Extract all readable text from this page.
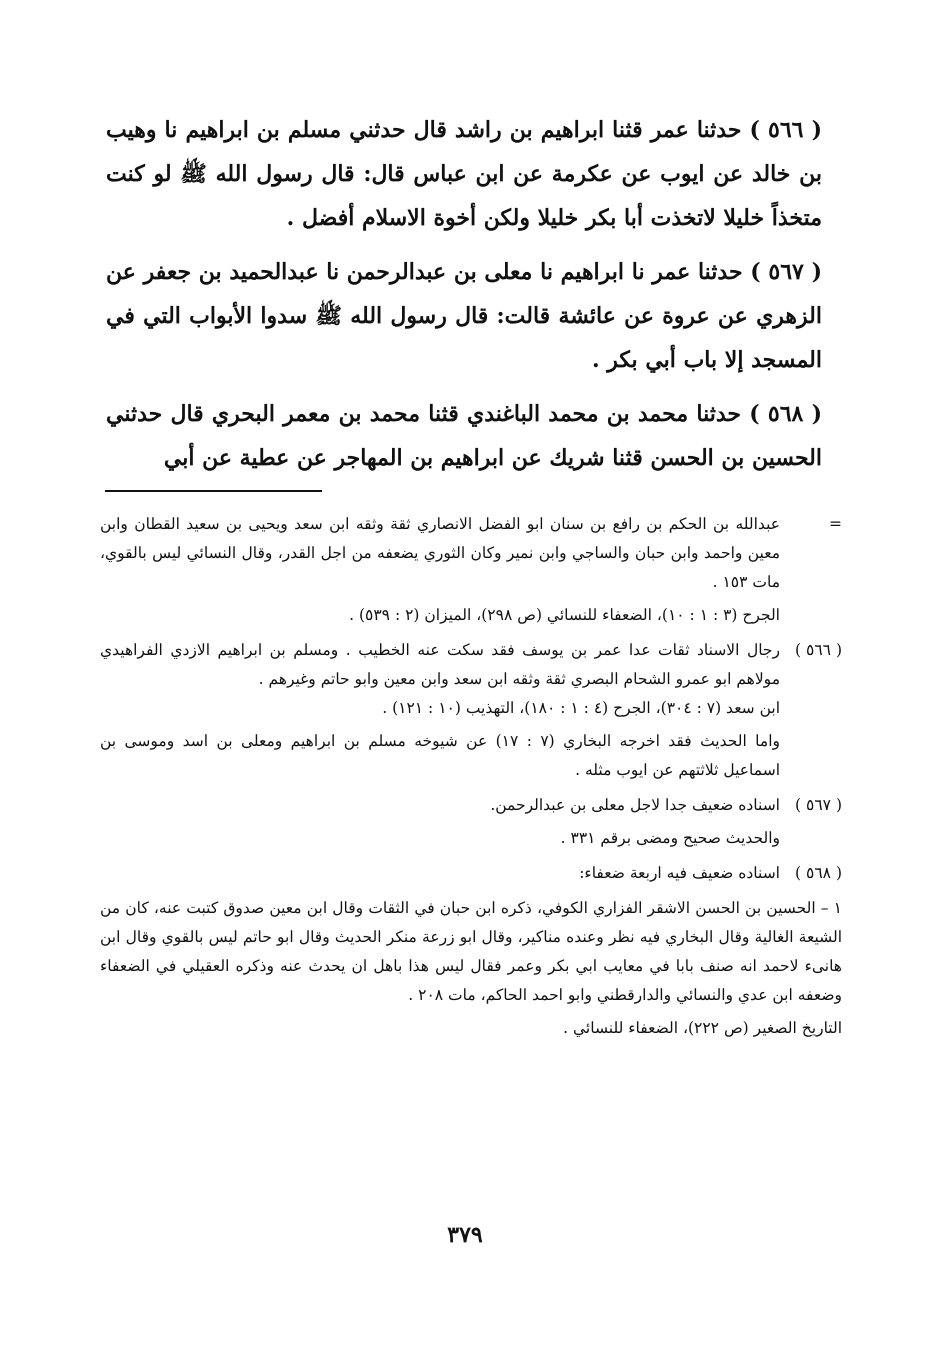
( ٥٦٦ ) حدثنا عمر قثنا ابراهيم بن راشد قال حدثني مسلم بن ابراهيم نا وهيب بن خالد عن ايوب عن عكرمة عن ابن عباس قال: قال رسول الله ﷺ لو كنت متخذاً خليلا لاتخذت أبا بكر خليلا ولكن أخوة الاسلام أفضل .

( ٥٦٧ ) حدثنا عمر نا ابراهيم نا معلى بن عبدالرحمن نا عبدالحميد بن جعفر عن الزهري عن عروة عن عائشة قالت: قال رسول الله ﷺ سدوا الأبواب التي في المسجد إلا باب أبي بكر .

( ٥٦٨ ) حدثنا محمد بن محمد الباغندي قثنا محمد بن معمر البحري قال حدثني الحسين بن الحسن قثنا شريك عن ابراهيم بن المهاجر عن عطية عن أبي

=

عبدالله بن الحكم بن رافع بن سنان ابو الفضل الانصاري ثقة وثقه ابن سعد ويحيى بن سعيد القطان وابن معين واحمد وابن حبان والساجي وابن نمير وكان الثوري يضعفه من اجل القدر، وقال النسائي ليس بالقوي، مات ١٥٣ .

الجرح (٣ : ١ : ١٠)، الضعفاء للنسائي (ص ٢٩٨)، الميزان (٢ : ٥٣٩) .

( ٥٦٦ )

رجال الاسناد ثقات عدا عمر بن يوسف فقد سكت عنه الخطيب . ومسلم بن ابراهيم الازدي الفراهيدي مولاهم ابو عمرو الشحام البصري ثقة وثقه ابن سعد وابن معين وابو حاتم وغيرهم .

ابن سعد (٧ : ٣٠٤)، الجرح (٤ : ١ : ١٨٠)، التهذيب (١٠ : ١٢١) .

واما الحديث فقد اخرجه البخاري (٧ : ١٧) عن شيوخه مسلم بن ابراهيم ومعلى بن اسد وموسى بن اسماعيل ثلاثتهم عن ايوب مثله .

( ٥٦٧ )

اسناده ضعيف جدا لاجل معلى بن عبدالرحمن.

والحديث صحيح ومضى برقم ٣٣١ .

( ٥٦٨ )

اسناده ضعيف فيه اربعة ضعفاء:

١ – الحسين بن الحسن الاشقر الفزاري الكوفي، ذكره ابن حبان في الثقات وقال ابن معين صدوق كتبت عنه، كان من الشيعة الغالية وقال البخاري فيه نظر وعنده مناكير، وقال ابو زرعة منكر الحديث وقال ابو حاتم ليس بالقوي وقال ابن هانىء لاحمد انه صنف بابا في معايب ابي بكر وعمر فقال ليس هذا باهل ان يحدث عنه وذكره العقيلي في الضعفاء وضعفه ابن عدي والنسائي والدارقطني وابو احمد الحاكم، مات ٢٠٨ .

التاريخ الصغير (ص ٢٢٢)، الضعفاء للنسائي .

٣٧٩
